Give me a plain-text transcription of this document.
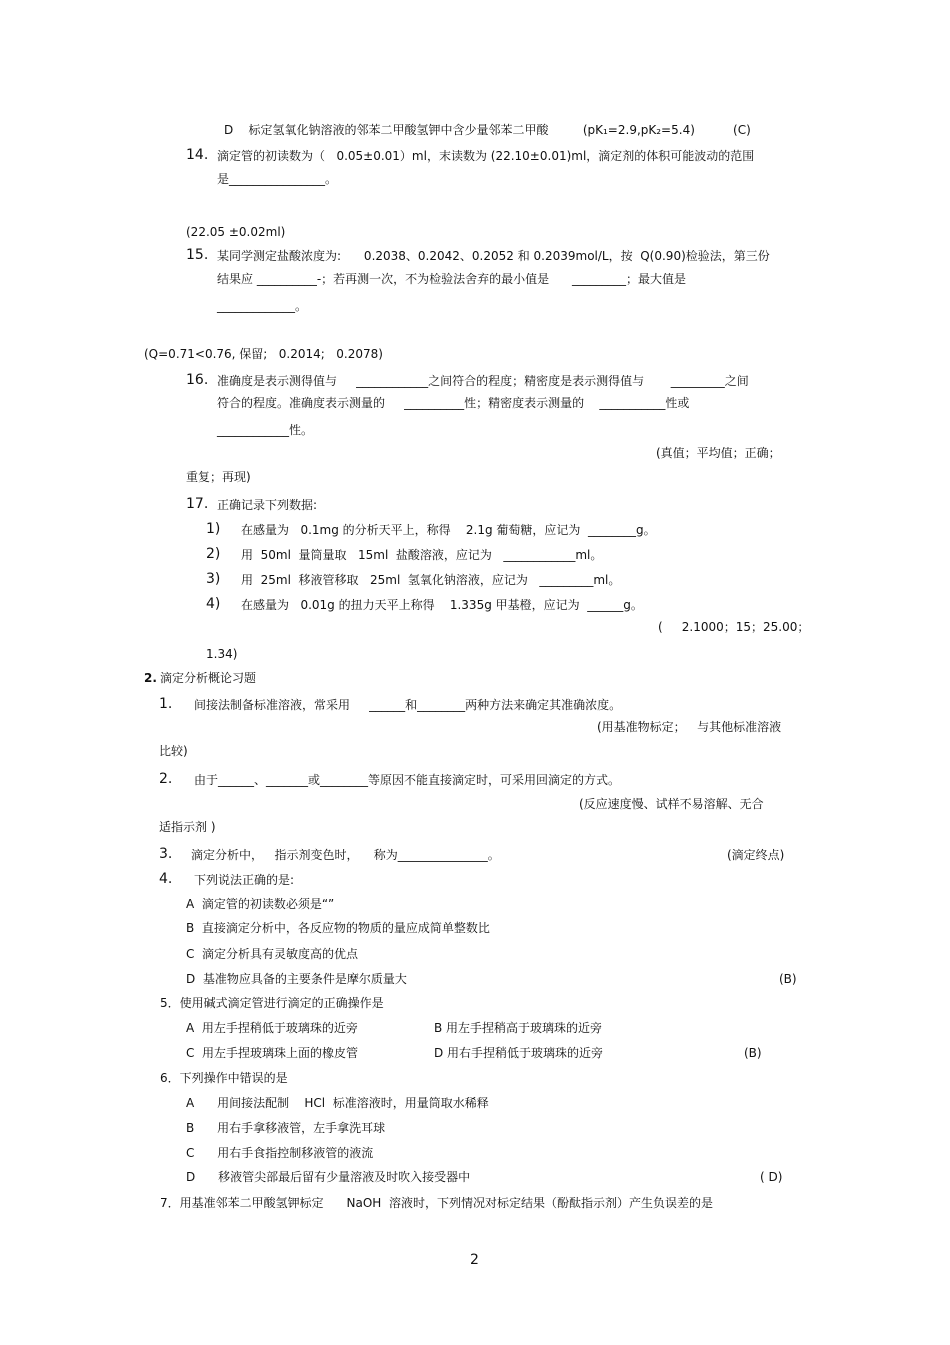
D    标定氢氧化钠溶液的邻苯二甲酸氢钾中含少量邻苯二甲酸         (pK₁=2.9,pK₂=5.4)          (C)
14. 滴定管的初读数为（   0.05±0.01）ml，末读数为 (22.10±0.01)ml，滴定剂的体积可能波动的范围
是________________。
(22.05 ±0.02ml)
15. 某同学测定盐酸浓度为:      0.2038、0.2042、0.2052 和 0.2039mol/L，按  Q(0.90)检验法，第三份
结果应 __________-；若再测一次，不为检验法舍弃的最小值是      _________；最大值是
_____________。
(Q=0.71<0.76, 保留;   0.2014;   0.2078)
16. 准确度是表示测得值与     ____________之间符合的程度；精密度是表示测得值与       _________之间
符合的程度。准确度表示测量的     __________性；精密度表示测量的    ___________性或
____________性。
(真值；平均值；正确；
重复；再现)
17. 正确记录下列数据:
1) 在感量为   0.1mg 的分析天平上，称得    2.1g 葡萄糖，应记为  ________g。
2) 用  50ml  量筒量取   15ml  盐酸溶液，应记为   ____________ml。
3) 用  25ml  移液管移取   25ml  氢氧化钠溶液，应记为   _________ml。
4) 在感量为   0.01g 的扭力天平上称得    1.335g 甲基橙，应记为  ______g。
(     2.1000；15；25.00；
1.34)
2. 滴定分析概论习题
1. 间接法制备标准溶液，常采用     ______和________两种方法来确定其准确浓度。
(用基准物标定；   与其他标准溶液
比较)
2. 由于______、_______或________等原因不能直接滴定时，可采用回滴定的方式。
(反应速度慢、试样不易溶解、无合
适指示剂 )
3. 滴定分析中，   指示剂变色时，    称为_______________。	(滴定终点)
4. 下列说法正确的是:
A  滴定管的初读数必须是“”
B  直接滴定分析中，各反应物的物质的量应成简单整数比
C  滴定分析具有灵敏度高的优点
D  基准物应具备的主要条件是摩尔质量大	(B)
5．使用碱式滴定管进行滴定的正确操作是
A  用左手捏稍低于玻璃珠的近旁	B 用左手捏稍高于玻璃珠的近旁
C  用左手捏玻璃珠上面的橡皮管	D 用右手捏稍低于玻璃珠的近旁	(B)
6．下列操作中错误的是
A      用间接法配制    HCl  标准溶液时，用量筒取水稀释
B      用右手拿移液管，左手拿洗耳球
C      用右手食指控制移液管的液流
D      移液管尖部最后留有少量溶液及时吹入接受器中	( D)
7．用基准邻苯二甲酸氢钾标定      NaOH  溶液时，下列情况对标定结果（酚酞指示剂）产生负误差的是
2
